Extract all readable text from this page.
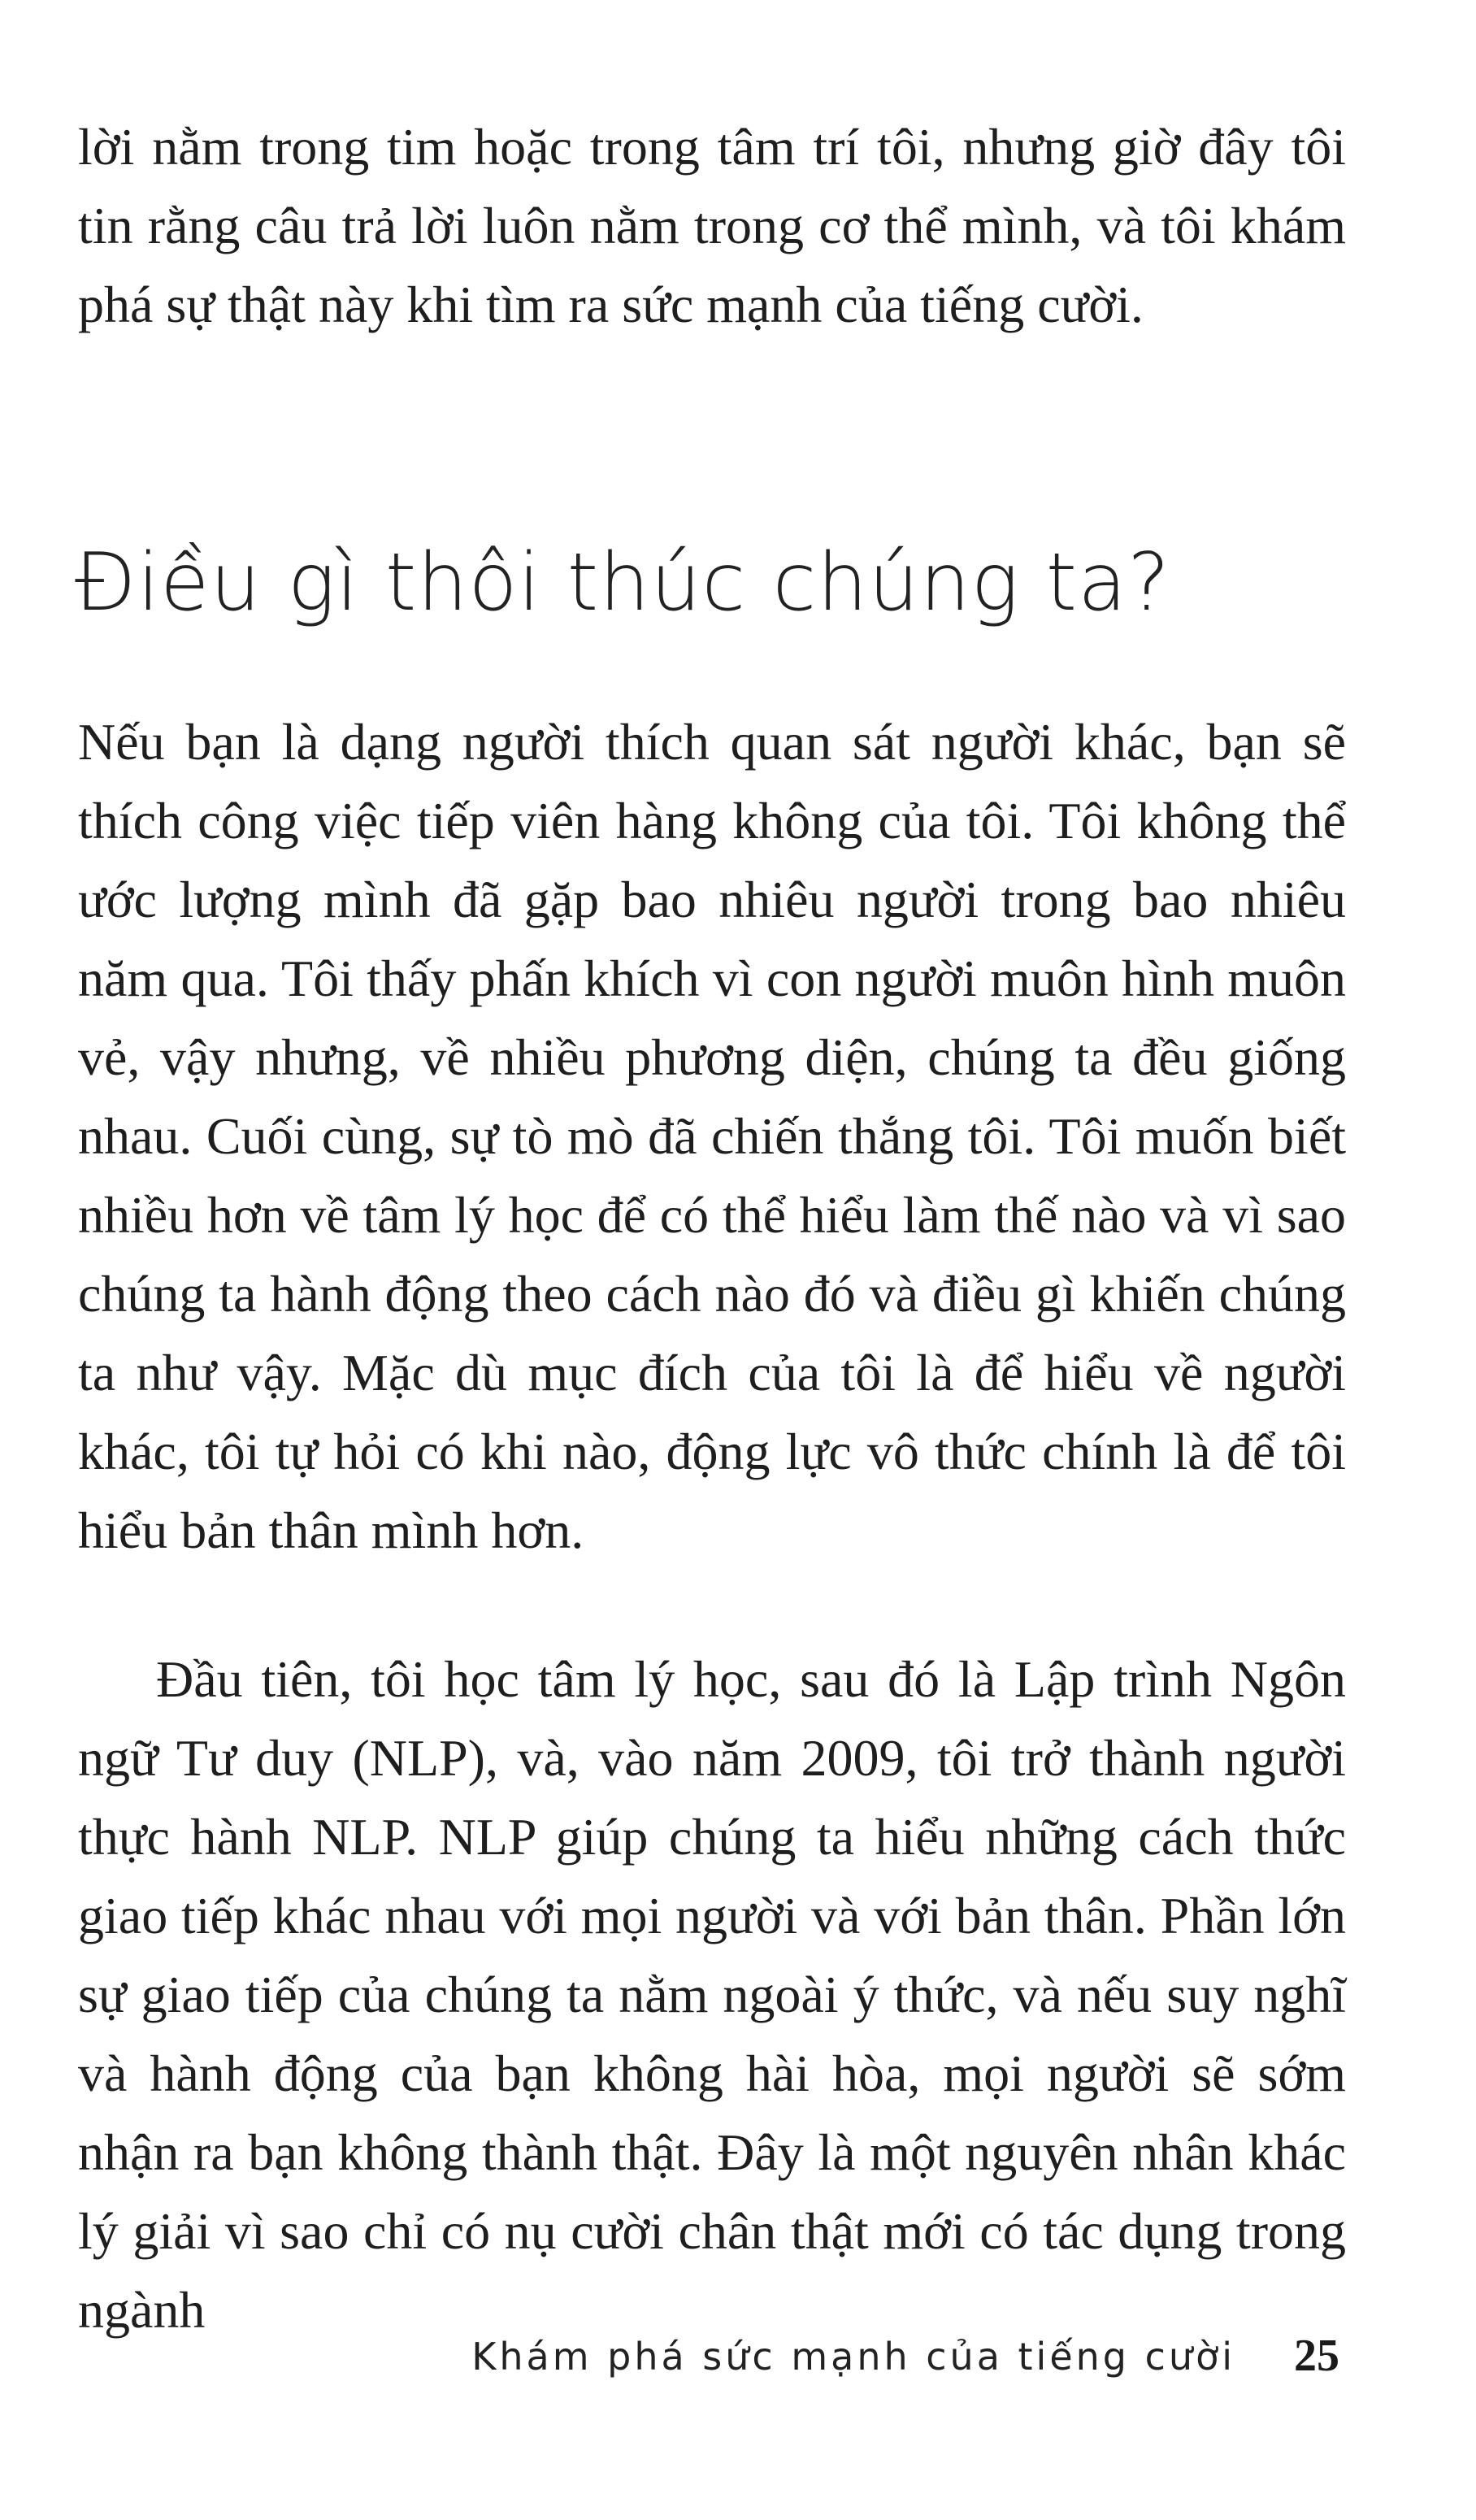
lời nằm trong tim hoặc trong tâm trí tôi, nhưng giờ đây tôi tin rằng câu trả lời luôn nằm trong cơ thể mình, và tôi khám phá sự thật này khi tìm ra sức mạnh của tiếng cười.

Điều gì thôi thúc chúng ta?

Nếu bạn là dạng người thích quan sát người khác, bạn sẽ thích công việc tiếp viên hàng không của tôi. Tôi không thể ước lượng mình đã gặp bao nhiêu người trong bao nhiêu năm qua. Tôi thấy phấn khích vì con người muôn hình muôn vẻ, vậy nhưng, về nhiều phương diện, chúng ta đều giống nhau. Cuối cùng, sự tò mò đã chiến thắng tôi. Tôi muốn biết nhiều hơn về tâm lý học để có thể hiểu làm thế nào và vì sao chúng ta hành động theo cách nào đó và điều gì khiến chúng ta như vậy. Mặc dù mục đích của tôi là để hiểu về người khác, tôi tự hỏi có khi nào, động lực vô thức chính là để tôi hiểu bản thân mình hơn.

Đầu tiên, tôi học tâm lý học, sau đó là Lập trình Ngôn ngữ Tư duy (NLP), và, vào năm 2009, tôi trở thành người thực hành NLP. NLP giúp chúng ta hiểu những cách thức giao tiếp khác nhau với mọi người và với bản thân. Phần lớn sự giao tiếp của chúng ta nằm ngoài ý thức, và nếu suy nghĩ và hành động của bạn không hài hòa, mọi người sẽ sớm nhận ra bạn không thành thật. Đây là một nguyên nhân khác lý giải vì sao chỉ có nụ cười chân thật mới có tác dụng trong ngành

Khám phá sức mạnh của tiếng cười 25
